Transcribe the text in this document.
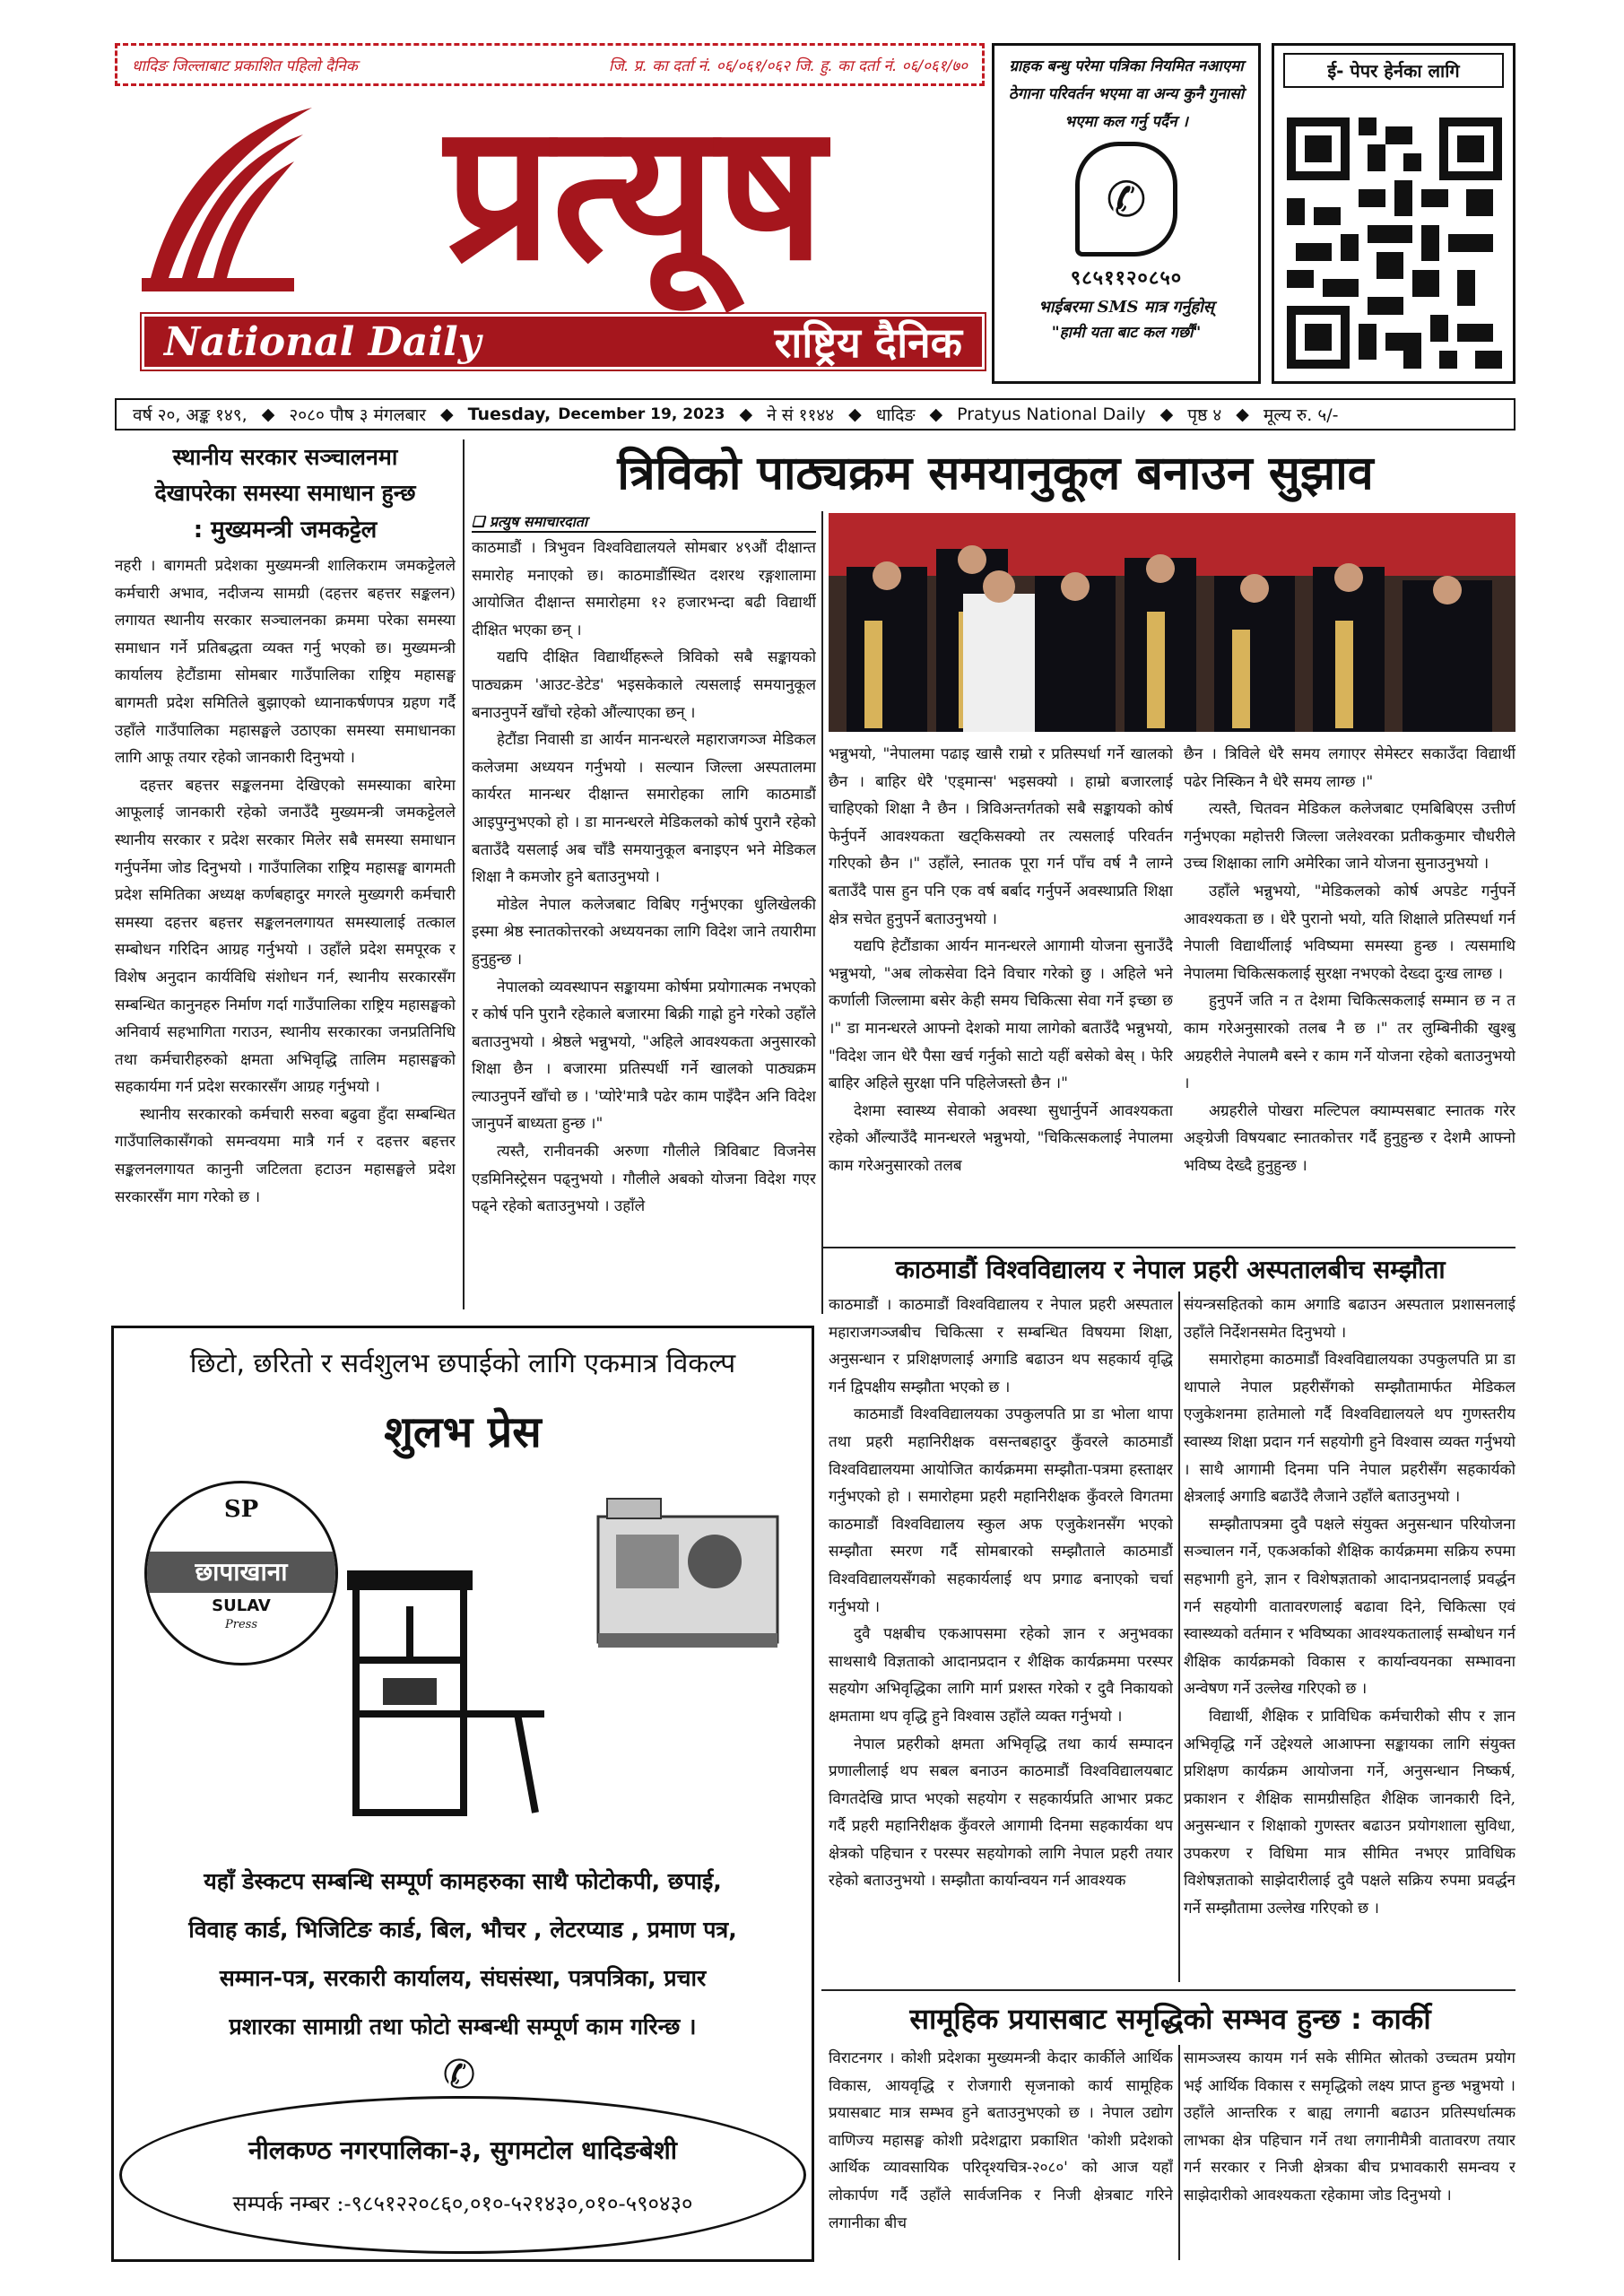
धादिङ जिल्लाबाट प्रकाशित पहिलो दैनिक	जि. प्र. का दर्ता नं. ०६/०६१/०६२ जि. हु. का दर्ता नं. ०६/०६१/७०
प्रत्यूष
National Daily	राष्ट्रिय दैनिक
ग्राहक बन्धु परेमा पत्रिका नियमित नआएमा ठेगाना परिवर्तन भएमा वा अन्य कुनै गुनासो भएमा कल गर्नु पर्दैन ।
✆
९८५११२०८५०
भाईबरमा SMS मात्र गर्नुहोस्
"हामी यता बाट कल गर्छौं"
ई- पेपर हेर्नका लागि
वर्ष २०, अङ्क १४९, ◆ २०८० पौष ३ मंगलबार ◆ Tuesday, December 19, 2023 ◆ ने सं ११४४ ◆ धादिङ ◆ Pratyus National Daily ◆ पृष्ठ ४ ◆ मूल्य रु. ५/-
स्थानीय सरकार सञ्चालनमा
देखापरेका समस्या समाधान हुन्छ
: मुख्यमन्त्री जमकट्टेल

नहरी । बागमती प्रदेशका मुख्यमन्त्री शालिकराम जमकट्टेलले कर्मचारी अभाव, नदीजन्य सामग्री (दहत्तर बहत्तर सङ्कलन) लगायत स्थानीय सरकार सञ्चालनका क्रममा परेका समस्या समाधान गर्ने प्रतिबद्धता व्यक्त गर्नु भएको छ। मुख्यमन्त्री कार्यालय हेटौंडामा सोमबार गाउँपालिका राष्ट्रिय महासङ्घ बागमती प्रदेश समितिले बुझाएको ध्यानाकर्षणपत्र ग्रहण गर्दै उहाँले गाउँपालिका महासङ्घले उठाएका समस्या समाधानका लागि आफू तयार रहेको जानकारी दिनुभयो ।

दहत्तर बहत्तर सङ्कलनमा देखिएको समस्याका बारेमा आफूलाई जानकारी रहेको जनाउँदै मुख्यमन्त्री जमकट्टेलले स्थानीय सरकार र प्रदेश सरकार मिलेर सबै समस्या समाधान गर्नुपर्नेमा जोड दिनुभयो । गाउँपालिका राष्ट्रिय महासङ्घ बागमती प्रदेश समितिका अध्यक्ष कर्णबहादुर मगरले मुख्यगरी कर्मचारी समस्या दहत्तर बहत्तर सङ्कलनलगायत समस्यालाई तत्काल सम्बोधन गरिदिन आग्रह गर्नुभयो । उहाँले प्रदेश समपूरक र विशेष अनुदान कार्यविधि संशोधन गर्न, स्थानीय सरकारसँग सम्बन्धित कानुनहरु निर्माण गर्दा गाउँपालिका राष्ट्रिय महासङ्घको अनिवार्य सहभागिता गराउन, स्थानीय सरकारका जनप्रतिनिधि तथा कर्मचारीहरुको क्षमता अभिवृद्धि तालिम महासङ्घको सहकार्यमा गर्न प्रदेश सरकारसँग आग्रह गर्नुभयो ।

स्थानीय सरकारको कर्मचारी सरुवा बढुवा हुँदा सम्बन्धित गाउँपालिकासँगको समन्वयमा मात्रै गर्न र दहत्तर बहत्तर सङ्कलनलगायत कानुनी जटिलता हटाउन महासङ्घले प्रदेश सरकारसँग माग गरेको छ ।

त्रिविको पाठ्यक्रम समयानुकूल बनाउन सुझाव
❑ प्रत्युष समाचारदाता

काठमाडौं । त्रिभुवन विश्वविद्यालयले सोमबार ४९औं दीक्षान्त समारोह मनाएको छ। काठमाडौंस्थित दशरथ रङ्गशालामा आयोजित दीक्षान्त समारोहमा १२ हजारभन्दा बढी विद्यार्थी दीक्षित भएका छन् ।

यद्यपि दीक्षित विद्यार्थीहरूले त्रिविको सबै सङ्कायको पाठ्यक्रम 'आउट-डेटेड' भइसकेकाले त्यसलाई समयानुकूल बनाउनुपर्ने खाँचो रहेको औंल्याएका छन् ।

हेटौंडा निवासी डा आर्यन मानन्धरले महाराजगञ्ज मेडिकल कलेजमा अध्ययन गर्नुभयो । सल्यान जिल्ला अस्पतालमा कार्यरत मानन्धर दीक्षान्त समारोहका लागि काठमाडौं आइपुग्नुभएको हो । डा मानन्धरले मेडिकलको कोर्ष पुरानै रहेको बताउँदै यसलाई अब चाँडै समयानुकूल बनाइएन भने मेडिकल शिक्षा नै कमजोर हुने बताउनुभयो ।

मोडेल नेपाल कलेजबाट विबिए गर्नुभएका धुलिखेलकी इस्मा श्रेष्ठ स्नातकोत्तरको अध्ययनका लागि विदेश जाने तयारीमा हुनुहुन्छ ।

नेपालको व्यवस्थापन सङ्कायमा कोर्षमा प्रयोगात्मक नभएको र कोर्ष पनि पुरानै रहेकाले बजारमा बिक्री गाह्रो हुने गरेको उहाँले बताउनुभयो । श्रेष्ठले भन्नुभयो, "अहिले आवश्यकता अनुसारको शिक्षा छैन । बजारमा प्रतिस्पर्धी गर्ने खालको पाठ्यक्रम ल्याउनुपर्ने खाँचो छ । 'प्योरे'मात्रै पढेर काम पाइँदैन अनि विदेश जानुपर्ने बाध्यता हुन्छ ।"

त्यस्तै, रानीवनकी अरुणा गौलीले त्रिविबाट विजनेस एडमिनिस्ट्रेसन पढ्नुभयो । गौलीले अबको योजना विदेश गएर पढ्ने रहेको बताउनुभयो । उहाँले

भन्नुभयो, "नेपालमा पढाइ खासै राम्रो र प्रतिस्पर्धा गर्ने खालको छैन । बाहिर धेरै 'एड्मान्स' भइसक्यो । हाम्रो बजारलाई चाहिएको शिक्षा नै छैन । त्रिविअन्तर्गतको सबै सङ्कायको कोर्ष फेर्नुपर्ने आवश्यकता खट्किसक्यो तर त्यसलाई परिवर्तन गरिएको छैन ।" उहाँले, स्नातक पूरा गर्न पाँच वर्ष नै लाग्ने बताउँदै पास हुन पनि एक वर्ष बर्बाद गर्नुपर्ने अवस्थाप्रति शिक्षा क्षेत्र सचेत हुनुपर्ने बताउनुभयो ।

यद्यपि हेटौंडाका आर्यन मानन्धरले आगामी योजना सुनाउँदै भन्नुभयो, "अब लोकसेवा दिने विचार गरेको छु । अहिले भने कर्णाली जिल्लामा बसेर केही समय चिकित्सा सेवा गर्ने इच्छा छ ।" डा मानन्धरले आफ्नो देशको माया लागेको बताउँदै भन्नुभयो, "विदेश जान धेरै पैसा खर्च गर्नुको साटो यहीं बसेको बेस् । फेरि बाहिर अहिले सुरक्षा पनि पहिलेजस्तो छैन ।"

देशमा स्वास्थ्य सेवाको अवस्था सुधार्नुपर्ने आवश्यकता रहेको औंल्याउँदै मानन्धरले भन्नुभयो, "चिकित्सकलाई नेपालमा काम गरेअनुसारको तलब

छैन । त्रिविले धेरै समय लगाएर सेमेस्टर सकाउँदा विद्यार्थी पढेर निस्किन नै धेरै समय लाग्छ ।"

त्यस्तै, चितवन मेडिकल कलेजबाट एमबिबिएस उत्तीर्ण गर्नुभएका महोत्तरी जिल्ला जलेश्वरका प्रतीककुमार चौधरीले उच्च शिक्षाका लागि अमेरिका जाने योजना सुनाउनुभयो ।

उहाँले भन्नुभयो, "मेडिकलको कोर्ष अपडेट गर्नुपर्ने आवश्यकता छ । धेरै पुरानो भयो, यति शिक्षाले प्रतिस्पर्धा गर्न नेपाली विद्यार्थीलाई भविष्यमा समस्या हुन्छ । त्यसमाथि नेपालमा चिकित्सकलाई सुरक्षा नभएको देख्दा दुःख लाग्छ ।

हुनुपर्ने जति न त देशमा चिकित्सकलाई सम्मान छ न त काम गरेअनुसारको तलब नै छ ।" तर लुम्बिनीकी खुश्बु अग्रहरीले नेपालमै बस्ने र काम गर्ने योजना रहेको बताउनुभयो ।

अग्रहरीले पोखरा मल्टिपल क्याम्पसबाट स्नातक गरेर अङ्ग्रेजी विषयबाट स्नातकोत्तर गर्दै हुनुहुन्छ र देशमै आफ्नो भविष्य देख्दै हुनुहुन्छ ।

काठमाडौं विश्वविद्यालय र नेपाल प्रहरी अस्पतालबीच सम्झौता

काठमाडौं । काठमाडौं विश्वविद्यालय र नेपाल प्रहरी अस्पताल महाराजगञ्जबीच चिकित्सा र सम्बन्धित विषयमा शिक्षा, अनुसन्धान र प्रशिक्षणलाई अगाडि बढाउन थप सहकार्य वृद्धि गर्न द्विपक्षीय सम्झौता भएको छ ।

काठमाडौं विश्वविद्यालयका उपकुलपति प्रा डा भोला थापा तथा प्रहरी महानिरीक्षक वसन्तबहादुर कुँवरले काठमाडौं विश्वविद्यालयमा आयोजित कार्यक्रममा सम्झौता-पत्रमा हस्ताक्षर गर्नुभएको हो । समारोहमा प्रहरी महानिरीक्षक कुँवरले विगतमा काठमाडौं विश्वविद्यालय स्कुल अफ एजुकेशनसँग भएको सम्झौता स्मरण गर्दै सोमबारको सम्झौताले काठमाडौं विश्वविद्यालयसँगको सहकार्यलाई थप प्रगाढ बनाएको चर्चा गर्नुभयो ।

दुवै पक्षबीच एकआपसमा रहेको ज्ञान र अनुभवका साथसाथै विज्ञताको आदानप्रदान र शैक्षिक कार्यक्रममा परस्पर सहयोग अभिवृद्धिका लागि मार्ग प्रशस्त गरेको र दुवै निकायको क्षमतामा थप वृद्धि हुने विश्वास उहाँले व्यक्त गर्नुभयो ।

नेपाल प्रहरीको क्षमता अभिवृद्धि तथा कार्य सम्पादन प्रणालीलाई थप सबल बनाउन काठमाडौं विश्वविद्यालयबाट विगतदेखि प्राप्त भएको सहयोग र सहकार्यप्रति आभार प्रकट गर्दै प्रहरी महानिरीक्षक कुँवरले आगामी दिनमा सहकार्यका थप क्षेत्रको पहिचान र परस्पर सहयोगको लागि नेपाल प्रहरी तयार रहेको बताउनुभयो । सम्झौता कार्यान्वयन गर्न आवश्यक

संयन्त्रसहितको काम अगाडि बढाउन अस्पताल प्रशासनलाई उहाँले निर्देशनसमेत दिनुभयो ।

समारोहमा काठमाडौं विश्वविद्यालयका उपकुलपति प्रा डा थापाले नेपाल प्रहरीसँगको सम्झौतामार्फत मेडिकल एजुकेशनमा हातेमालो गर्दै विश्वविद्यालयले थप गुणस्तरीय स्वास्थ्य शिक्षा प्रदान गर्न सहयोगी हुने विश्वास व्यक्त गर्नुभयो । साथै आगामी दिनमा पनि नेपाल प्रहरीसँग सहकार्यको क्षेत्रलाई अगाडि बढाउँदै लैजाने उहाँले बताउनुभयो ।

सम्झौतापत्रमा दुवै पक्षले संयुक्त अनुसन्धान परियोजना सञ्चालन गर्ने, एकअर्काको शैक्षिक कार्यक्रममा सक्रिय रुपमा सहभागी हुने, ज्ञान र विशेषज्ञताको आदानप्रदानलाई प्रवर्द्धन गर्न सहयोगी वातावरणलाई बढावा दिने, चिकित्सा एवं स्वास्थ्यको वर्तमान र भविष्यका आवश्यकतालाई सम्बोधन गर्न शैक्षिक कार्यक्रमको विकास र कार्यान्वयनका सम्भावना अन्वेषण गर्ने उल्लेख गरिएको छ ।

विद्यार्थी, शैक्षिक र प्राविधिक कर्मचारीको सीप र ज्ञान अभिवृद्धि गर्ने उद्देश्यले आआफ्ना सङ्कायका लागि संयुक्त प्रशिक्षण कार्यक्रम आयोजना गर्ने, अनुसन्धान निष्कर्ष, प्रकाशन र शैक्षिक सामग्रीसहित शैक्षिक जानकारी दिने, अनुसन्धान र शिक्षाको गुणस्तर बढाउन प्रयोगशाला सुविधा, उपकरण र विधिमा मात्र सीमित नभएर प्राविधिक विशेषज्ञताको साझेदारीलाई दुवै पक्षले सक्रिय रुपमा प्रवर्द्धन गर्ने सम्झौतामा उल्लेख गरिएको छ ।

सामूहिक प्रयासबाट समृद्धिको सम्भव हुन्छ : कार्की

विराटनगर । कोशी प्रदेशका मुख्यमन्त्री केदार कार्कीले आर्थिक विकास, आयवृद्धि र रोजगारी सृजनाको कार्य सामूहिक प्रयासबाट मात्र सम्भव हुने बताउनुभएको छ । नेपाल उद्योग वाणिज्य महासङ्घ कोशी प्रदेशद्वारा प्रकाशित 'कोशी प्रदेशको आर्थिक व्यावसायिक परिदृश्यचित्र-२०८०' को आज यहाँ लोकार्पण गर्दै उहाँले सार्वजनिक र निजी क्षेत्रबाट गरिने लगानीका बीच

सामञ्जस्य कायम गर्न सके सीमित स्रोतको उच्चतम प्रयोग भई आर्थिक विकास र समृद्धिको लक्ष्य प्राप्त हुन्छ भन्नुभयो । उहाँले आन्तरिक र बाह्य लगानी बढाउन प्रतिस्पर्धात्मक लाभका क्षेत्र पहिचान गर्ने तथा लगानीमैत्री वातावरण तयार गर्न सरकार र निजी क्षेत्रका बीच प्रभावकारी समन्वय र साझेदारीको आवश्यकता रहेकामा जोड दिनुभयो ।

छिटो, छरितो र सर्वशुलभ छपाईको लागि एकमात्र विकल्प
शुलभ प्रेस
SP
छापाखाना
SULAV
Press
यहाँ डेस्कटप सम्बन्धि सम्पूर्ण कामहरुका साथै फोटोकपी, छपाई,
विवाह कार्ड, भिजिटिङ कार्ड, बिल, भौचर , लेटरप्याड , प्रमाण पत्र,
सम्मान-पत्र, सरकारी कार्यालय, संघसंस्था, पत्रपत्रिका, प्रचार
प्रशारका सामाग्री तथा फोटो सम्बन्धी सम्पूर्ण काम गरिन्छ ।
✆
नीलकण्ठ नगरपालिका-३, सुगमटोल धादिङबेशी
सम्पर्क नम्बर :-९८५१२२०८६०,०१०-५२१४३०,०१०-५९०४३०
